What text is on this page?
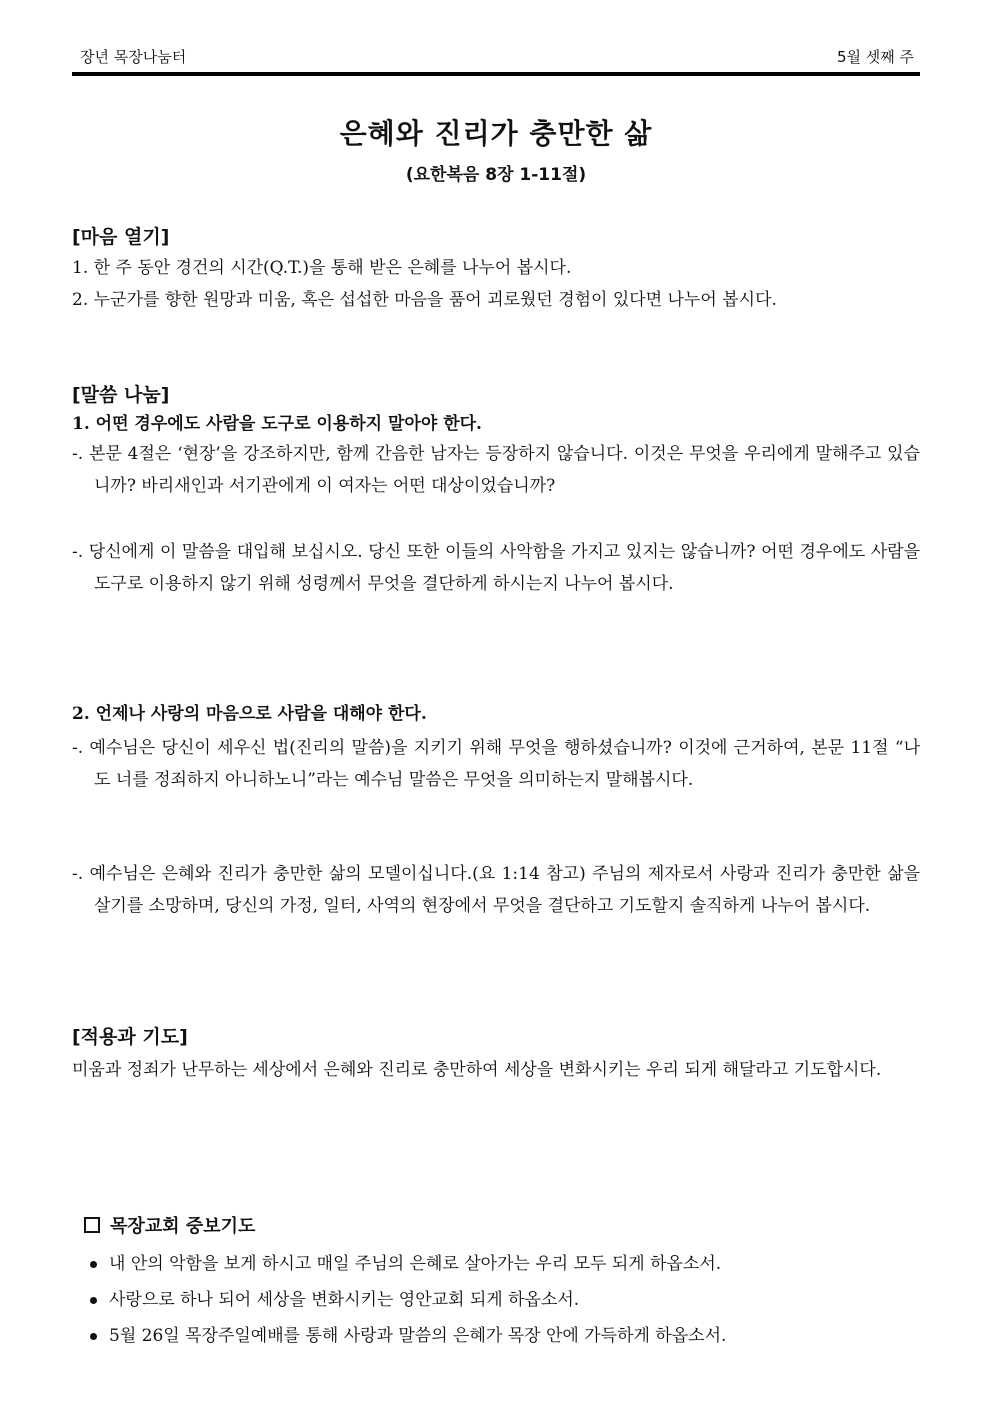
장년 목장나눔터	5월 셋째 주
은혜와 진리가 충만한 삶
(요한복음 8장 1-11절)
[마음 열기]
1. 한 주 동안 경건의 시간(Q.T.)을 통해 받은 은혜를 나누어 봅시다.
2. 누군가를 향한 원망과 미움, 혹은 섭섭한 마음을 품어 괴로웠던 경험이 있다면 나누어 봅시다.
[말씀 나눔]
1. 어떤 경우에도 사람을 도구로 이용하지 말아야 한다.
-. 본문 4절은 ‘현장’을 강조하지만, 함께 간음한 남자는 등장하지 않습니다. 이것은 무엇을 우리에게 말해주고 있습니까? 바리새인과 서기관에게 이 여자는 어떤 대상이었습니까?
-. 당신에게 이 말씀을 대입해 보십시오. 당신 또한 이들의 사악함을 가지고 있지는 않습니까? 어떤 경우에도 사람을 도구로 이용하지 않기 위해 성령께서 무엇을 결단하게 하시는지 나누어 봅시다.
2. 언제나 사랑의 마음으로 사람을 대해야 한다.
-. 예수님은 당신이 세우신 법(진리의 말씀)을 지키기 위해 무엇을 행하셨습니까? 이것에 근거하여, 본문 11절 “나도 너를 정죄하지 아니하노니”라는 예수님 말씀은 무엇을 의미하는지 말해봅시다.
-. 예수님은 은혜와 진리가 충만한 삶의 모델이십니다.(요 1:14 참고) 주님의 제자로서 사랑과 진리가 충만한 삶을 살기를 소망하며, 당신의 가정, 일터, 사역의 현장에서 무엇을 결단하고 기도할지 솔직하게 나누어 봅시다.
[적용과 기도]
미움과 정죄가 난무하는 세상에서 은혜와 진리로 충만하여 세상을 변화시키는 우리 되게 해달라고 기도합시다.
목장교회 중보기도
내 안의 악함을 보게 하시고 매일 주님의 은혜로 살아가는 우리 모두 되게 하옵소서.
사랑으로 하나 되어 세상을 변화시키는 영안교회 되게 하옵소서.
5월 26일 목장주일예배를 통해 사랑과 말씀의 은혜가 목장 안에 가득하게 하옵소서.
